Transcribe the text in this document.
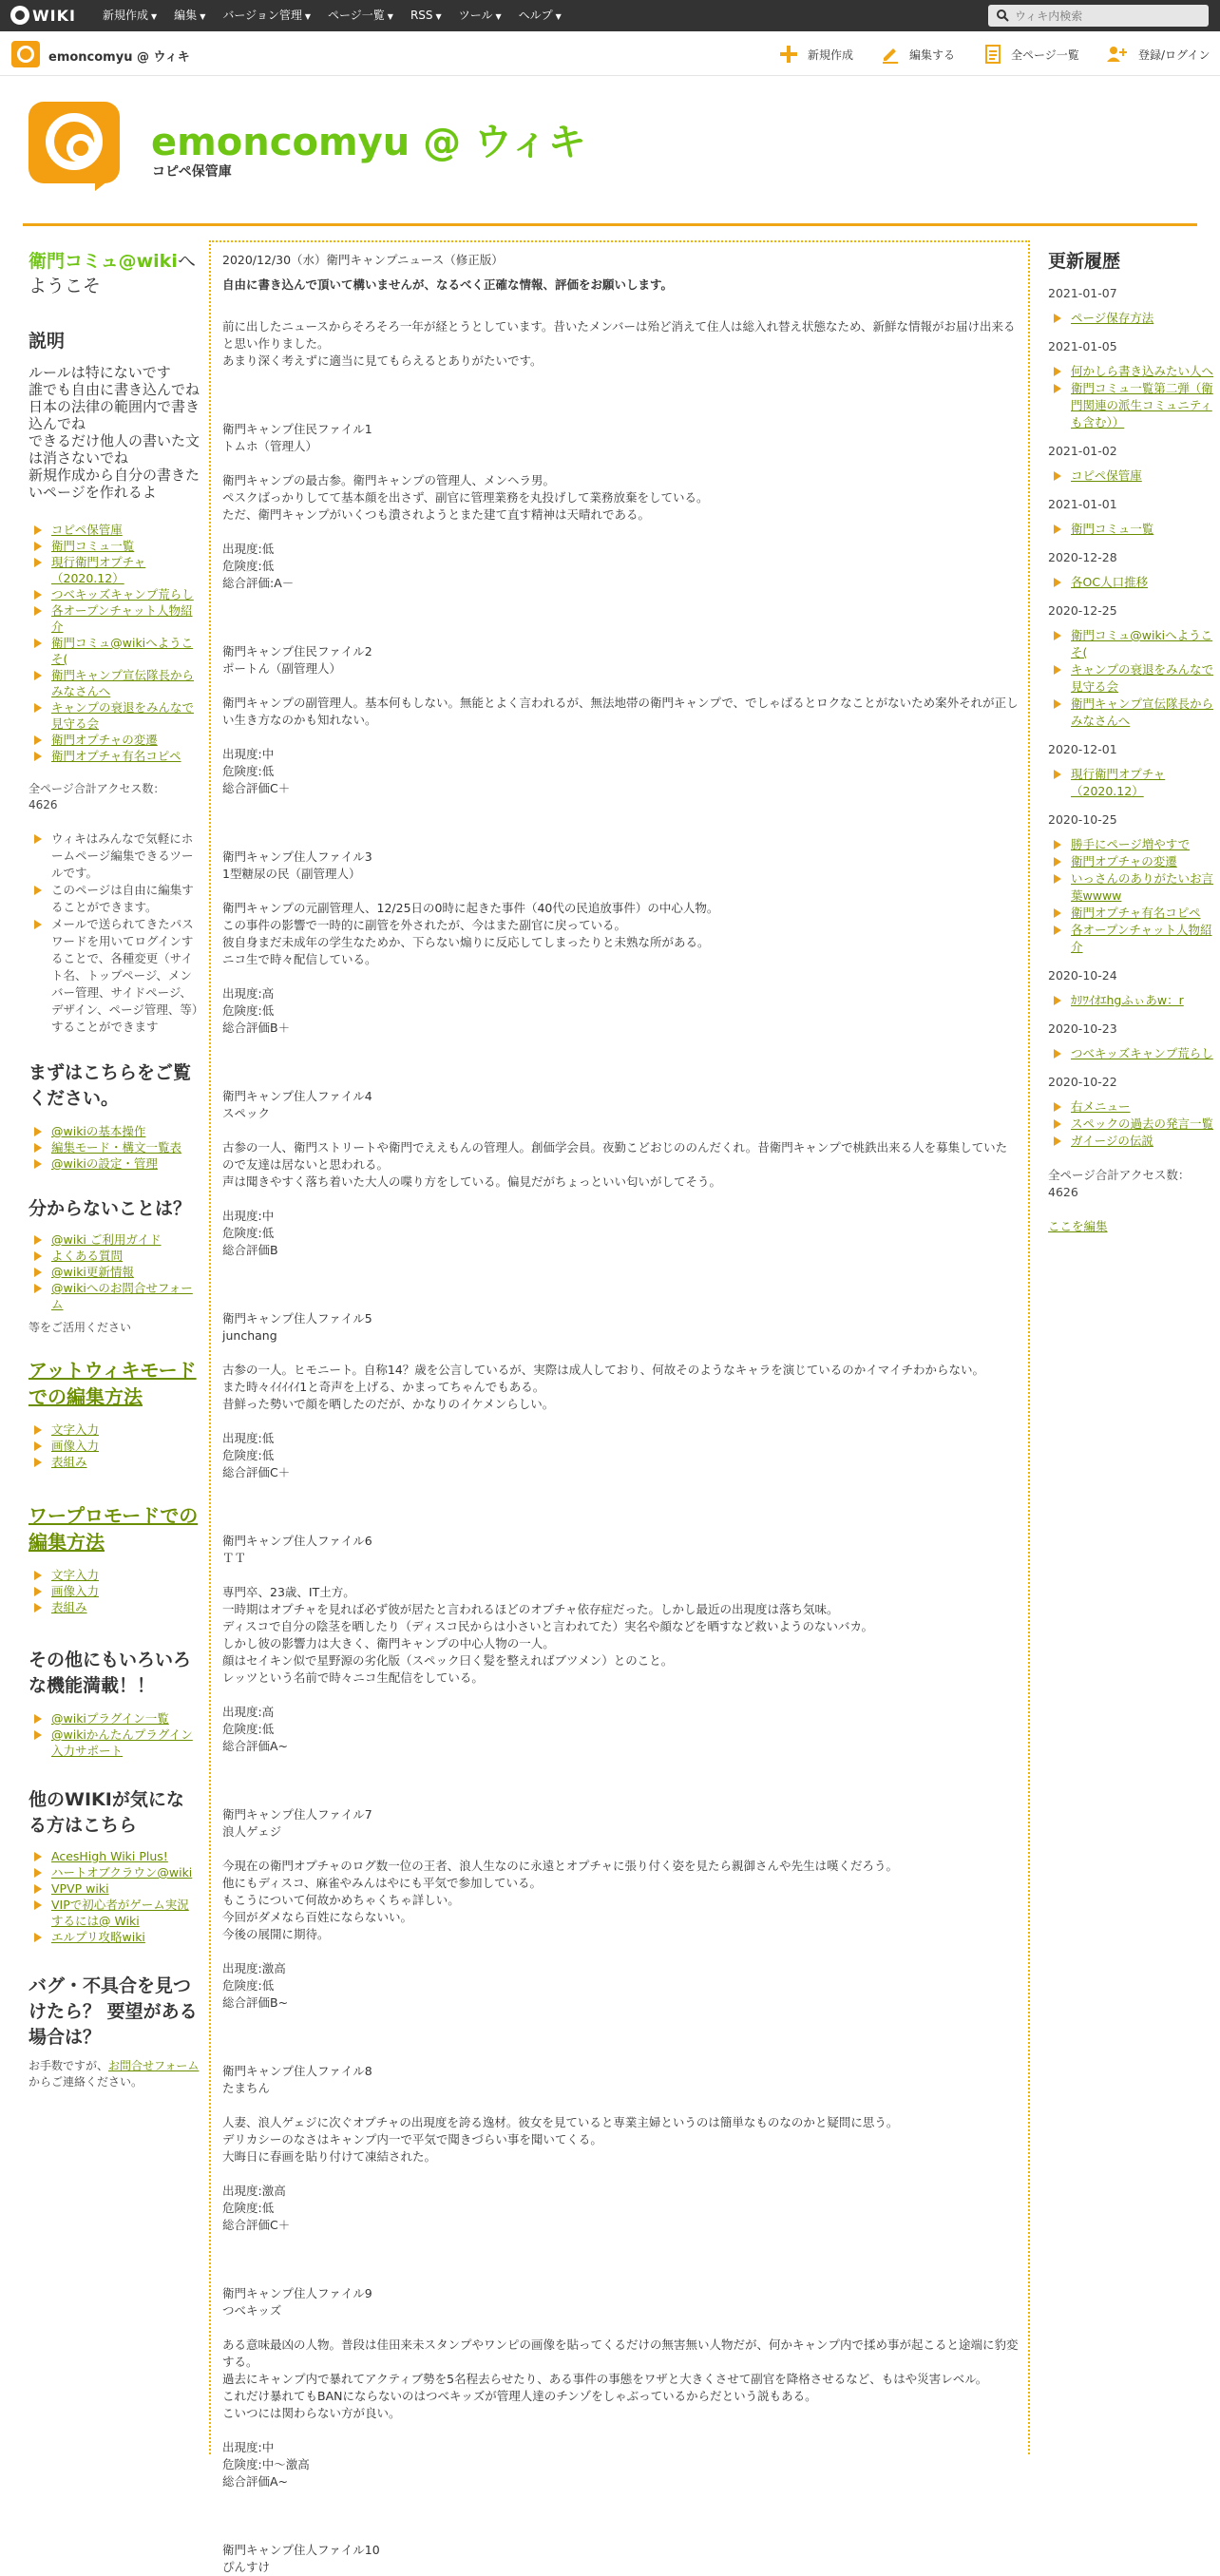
WIKI 新規作成 ▼ 編集 ▼ バージョン管理 ▼ ページ一覧 ▼ RSS ▼ ツール ▼ ヘルプ ▼
ウィキ内検索
emoncomyu @ ウィキ	新規作成	編集する	全ページ一覧	登録/ログイン
emoncomyu @ ウィキ
コピペ保管庫
衛門コミュ@wikiへようこそ
説明
ルールは特にないです
誰でも自由に書き込んでね
日本の法律の範囲内で書き込んでね
できるだけ他人の書いた文は消さないでね
新規作成から自分の書きたいページを作れるよ
コピペ保管庫
衛門コミュ一覧
現行衛門オプチャ（2020.12）
つべキッズキャンプ荒らし
各オープンチャット人物紹介
衛門コミュ@wikiへようこそ(
衛門キャンプ宣伝隊長からみなさんへ
キャンプの衰退をみんなで見守る会
衛門オプチャの変遷
衛門オプチャ有名コピペ
全ページ合計アクセス数：
4626
ウィキはみんなで気軽にホームページ編集できるツールです。
このページは自由に編集することができます。
メールで送られてきたパスワードを用いてログインすることで、各種変更（サイト名、トップページ、メンバー管理、サイドページ、デザイン、ページ管理、等）することができます
まずはこちらをご覧ください。
@wikiの基本操作
編集モード・構文一覧表
@wikiの設定・管理
分からないことは？
@wiki ご利用ガイド
よくある質問
@wiki更新情報
@wikiへのお問合せフォーム
等をご活用ください
アットウィキモードでの編集方法
文字入力
画像入力
表組み
ワープロモードでの編集方法
文字入力
画像入力
表組み
その他にもいろいろな機能満載！！
@wikiプラグイン一覧
@wikiかんたんプラグイン入力サポート
他のWIKIが気になる方はこちら
AcesHigh Wiki Plus!
ハートオブクラウン@wiki
VPVP wiki
VIPで初心者がゲーム実況するには@ Wiki
エルプリ攻略wiki
バグ・不具合を見つけたら？ 要望がある場合は？
お手数ですが、お問合せフォームからご連絡ください。
2020/12/30（水）衛門キャンプニュース（修正版）
自由に書き込んで頂いて構いませんが、なるべく正確な情報、評価をお願いします。
前に出したニュースからそろそろ一年が経とうとしています。昔いたメンバーは殆ど消えて住人は総入れ替え状態なため、新鮮な情報がお届け出来ると思い作りました。
あまり深く考えずに適当に見てもらえるとありがたいです。
衛門キャンプ住民ファイル1
トムホ（管理人）
衛門キャンプの最古参。衛門キャンプの管理人、メンヘラ男。
ペスクばっかりしてて基本顔を出さず、副官に管理業務を丸投げして業務放棄をしている。
ただ、衛門キャンプがいくつも潰されようとまた建て直す精神は天晴れである。
出現度:低
危険度:低
総合評価:A－
衛門キャンプ住民ファイル2
ポートん（副管理人）
衛門キャンプの副管理人。基本何もしない。無能とよく言われるが、無法地帯の衛門キャンプで、でしゃばるとロクなことがないため案外それが正しい生き方なのかも知れない。
出現度:中
危険度:低
総合評価C＋
衛門キャンプ住人ファイル3
1型糖尿の民（副管理人）
衛門キャンプの元副管理人、12/25日の0時に起きた事件（40代の民追放事件）の中心人物。
この事件の影響で一時的に副管を外されたが、今はまた副官に戻っている。
彼自身まだ未成年の学生なためか、下らない煽りに反応してしまったりと未熟な所がある。
ニコ生で時々配信している。
出現度:高
危険度:低
総合評価B＋
衛門キャンプ住人ファイル4
スペック
古参の一人、衛門ストリートや衛門でええもんの管理人。創価学会員。夜勤こどおじののんだくれ。昔衛門キャンプで桃鉄出来る人を募集していたので友達は居ないと思われる。
声は聞きやすく落ち着いた大人の喋り方をしている。偏見だがちょっといい匂いがしてそう。
出現度:中
危険度:低
総合評価B
衛門キャンプ住人ファイル5
junchang
古参の一人。ヒモニート。自称14？歳を公言しているが、実際は成人しており、何故そのようなキャラを演じているのかイマイチわからない。
また時々ｲｲｲｲｲ1と奇声を上げる、かまってちゃんでもある。
昔鮮った勢いで顔を晒したのだが、かなりのイケメンらしい。
出現度:低
危険度:低
総合評価C＋
衛門キャンプ住人ファイル6
ＴＴ
専門卒、23歳、IT土方。
一時期はオプチャを見れば必ず彼が居たと言われるほどのオプチャ依存症だった。しかし最近の出現度は落ち気味。
ディスコで自分の陰茎を晒したり（ディスコ民からは小さいと言われてた）実名や顔などを晒すなど救いようのないバカ。
しかし彼の影響力は大きく、衛門キャンプの中心人物の一人。
顔はセイキン似で星野源の劣化版（スペック曰く髪を整えればブツメン）とのこと。
レッツという名前で時々ニコ生配信をしている。
出現度:高
危険度:低
総合評価A~
衛門キャンプ住人ファイル7
浪人ゲェジ
今現在の衛門オプチャのログ数一位の王者、浪人生なのに永遠とオプチャに張り付く姿を見たら親御さんや先生は嘆くだろう。
他にもディスコ、麻雀やみんはやにも平気で参加している。
もこうについて何故かめちゃくちゃ詳しい。
今回がダメなら百姓にならないい。
今後の展開に期待。
出現度:激高
危険度:低
総合評価B~
衛門キャンプ住人ファイル8
たまちん
人妻、浪人ゲェジに次ぐオプチャの出現度を誇る逸材。彼女を見ていると専業主婦というのは簡単なものなのかと疑問に思う。
デリカシーのなさはキャンプ内一で平気で聞きづらい事を聞いてくる。
大晦日に春画を貼り付けて凍結された。
出現度:激高
危険度:低
総合評価C＋
衛門キャンプ住人ファイル9
つべキッズ
ある意味最凶の人物。普段は佳田来未スタンプやワンピの画像を貼ってくるだけの無害無い人物だが、何かキャンプ内で揉め事が起こると途端に豹変する。
過去にキャンプ内で暴れてアクティブ勢を5名程去らせたり、ある事件の事態をワザと大きくさせて副官を降格させるなど、もはや災害レベル。
これだけ暴れてもBANにならないのはつべキッズが管理人達のチンゾをしゃぶっているからだという説もある。
こいつには関わらない方が良い。
出現度:中
危険度:中〜激高
総合評価A~
衛門キャンプ住人ファイル10
ぴんすけ
更新履歴
2021-01-07
ページ保存方法
2021-01-05
何かしら書き込みたい人へ
衛門コミュ一覧第二弾（衛門関連の派生コミュニティも含む））
2021-01-02
コピペ保管庫
2021-01-01
衛門コミュ一覧
2020-12-28
各OC人口推移
2020-12-25
衛門コミュ@wikiへようこそ(
キャンプの衰退をみんなで見守る会
衛門キャンプ宣伝隊長からみなさんへ
2020-12-01
現行衛門オプチャ（2020.12）
2020-10-25
勝手にページ増やすで
衛門オプチャの変遷
いっさんのありがたいお言葉wwww
衛門オプチャ有名コピペ
各オープンチャット人物紹介
2020-10-24
ｶﾘﾜｲｵｴhgふぃあw：r
2020-10-23
つべキッズキャンプ荒らし
2020-10-22
右メニュー
スペックの過去の発言一覧
ガイージの伝説
全ページ合計アクセス数：
4626
ここを編集
